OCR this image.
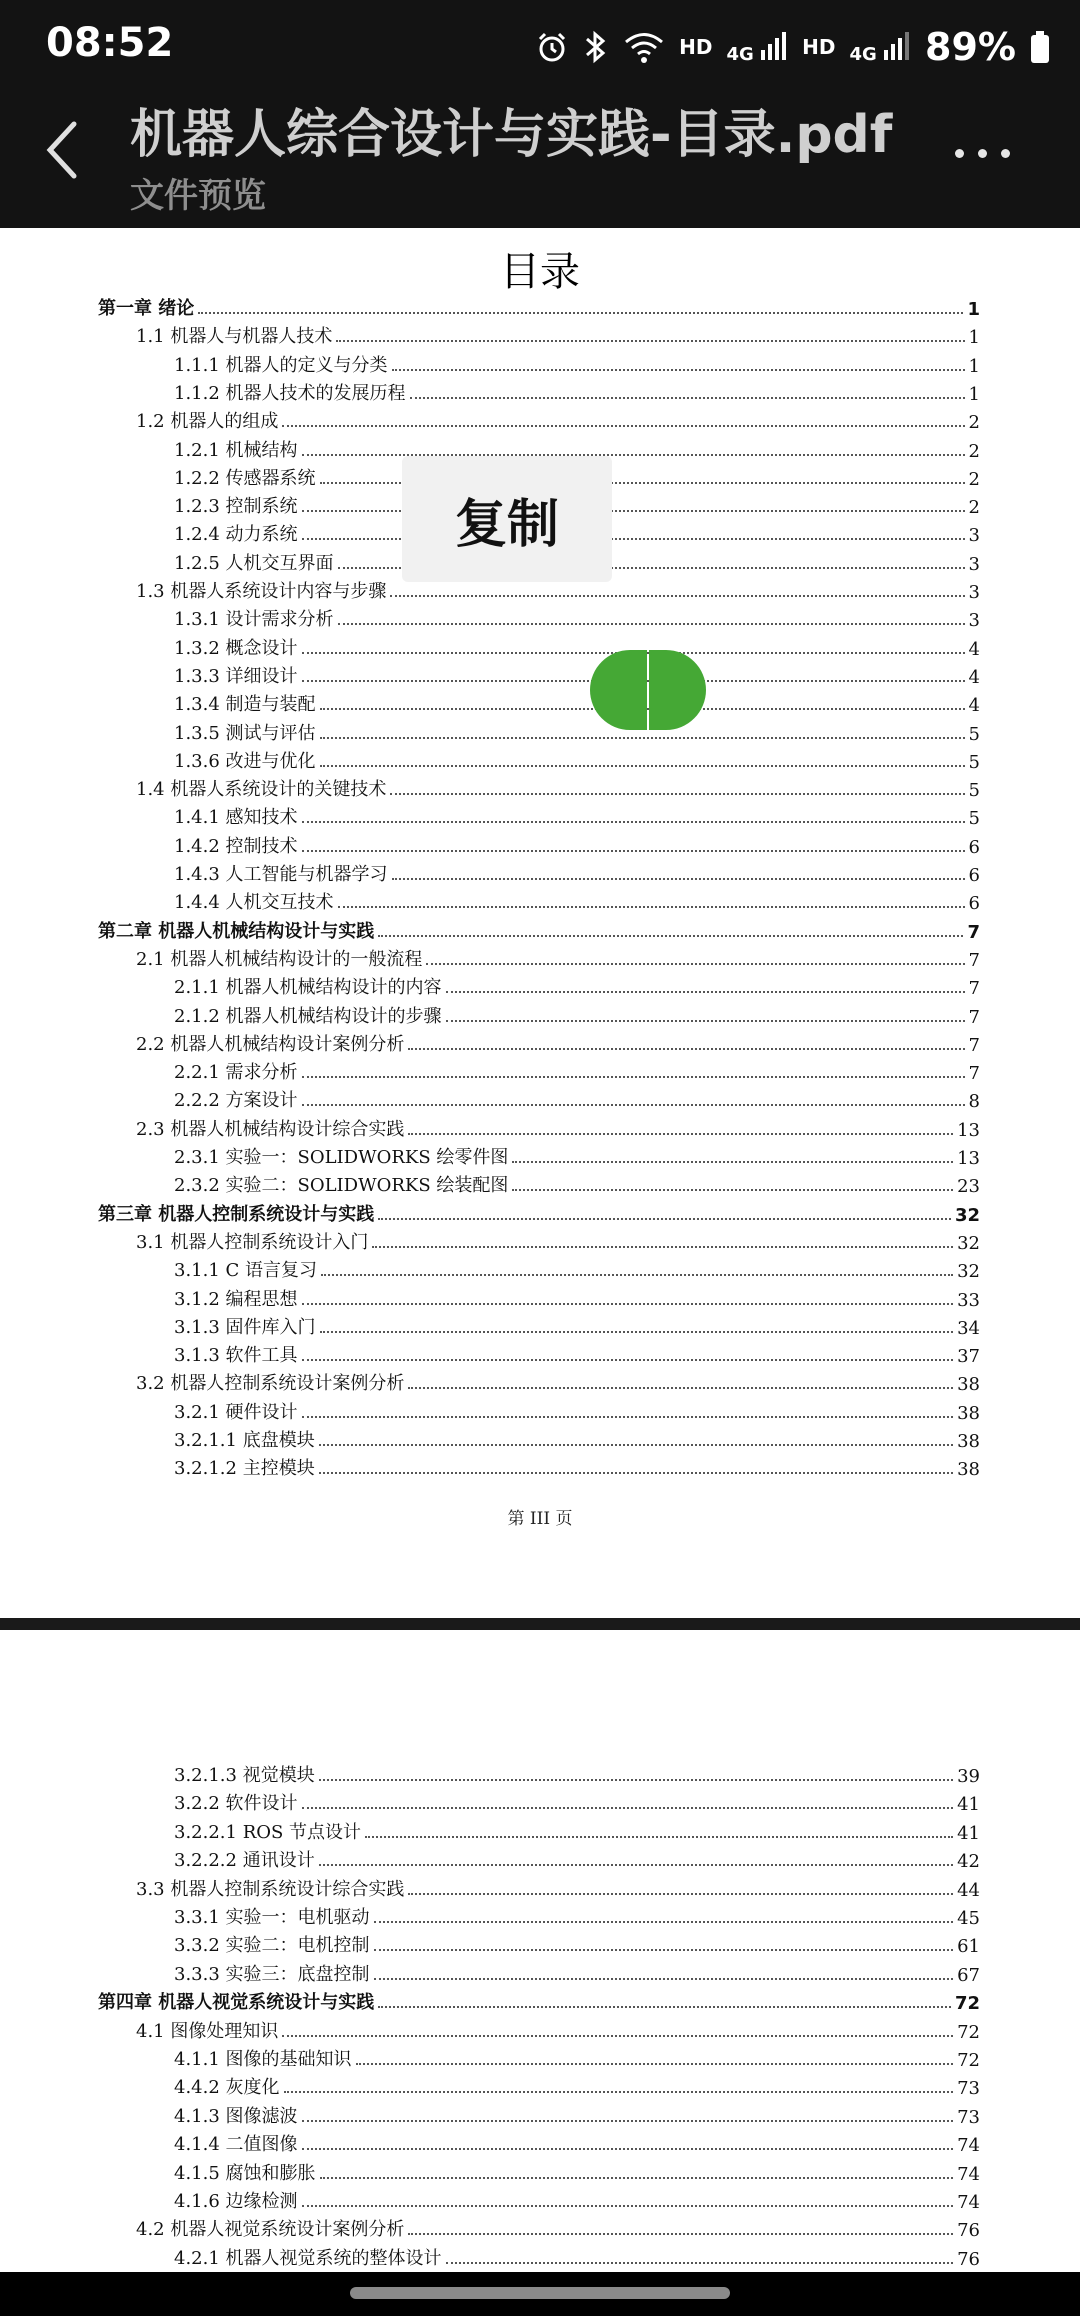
08:52	HD 4G	HD 4G	89%
机器人综合设计与实践-目录.pdf
文件预览
目录
第一章 绪论	1
1.1 机器人与机器人技术	1
1.1.1 机器人的定义与分类	1
1.1.2 机器人技术的发展历程	1
1.2 机器人的组成	2
1.2.1 机械结构	2
1.2.2 传感器系统	2
1.2.3 控制系统	2
1.2.4 动力系统	3
1.2.5 人机交互界面	3
1.3 机器人系统设计内容与步骤	3
1.3.1 设计需求分析	3
1.3.2 概念设计	4
1.3.3 详细设计	4
1.3.4 制造与装配	4
1.3.5 测试与评估	5
1.3.6 改进与优化	5
1.4 机器人系统设计的关键技术	5
1.4.1 感知技术	5
1.4.2 控制技术	6
1.4.3 人工智能与机器学习	6
1.4.4 人机交互技术	6
第二章 机器人机械结构设计与实践	7
2.1 机器人机械结构设计的一般流程	7
2.1.1 机器人机械结构设计的内容	7
2.1.2 机器人机械结构设计的步骤	7
2.2 机器人机械结构设计案例分析	7
2.2.1 需求分析	7
2.2.2 方案设计	8
2.3 机器人机械结构设计综合实践	13
2.3.1 实验一：SOLIDWORKS 绘零件图	13
2.3.2 实验二：SOLIDWORKS 绘装配图	23
第三章 机器人控制系统设计与实践	32
3.1 机器人控制系统设计入门	32
3.1.1 C 语言复习	32
3.1.2 编程思想	33
3.1.3 固件库入门	34
3.1.3 软件工具	37
3.2 机器人控制系统设计案例分析	38
3.2.1 硬件设计	38
3.2.1.1 底盘模块	38
3.2.1.2 主控模块	38
第 III 页
3.2.1.3 视觉模块	39
3.2.2 软件设计	41
3.2.2.1 ROS 节点设计	41
3.2.2.2 通讯设计	42
3.3 机器人控制系统设计综合实践	44
3.3.1 实验一：电机驱动	45
3.3.2 实验二：电机控制	61
3.3.3 实验三：底盘控制	67
第四章 机器人视觉系统设计与实践	72
4.1 图像处理知识	72
4.1.1 图像的基础知识	72
4.4.2 灰度化	73
4.1.3 图像滤波	73
4.1.4 二值图像	74
4.1.5 腐蚀和膨胀	74
4.1.6 边缘检测	74
4.2 机器人视觉系统设计案例分析	76
4.2.1 机器人视觉系统的整体设计	76
复制
